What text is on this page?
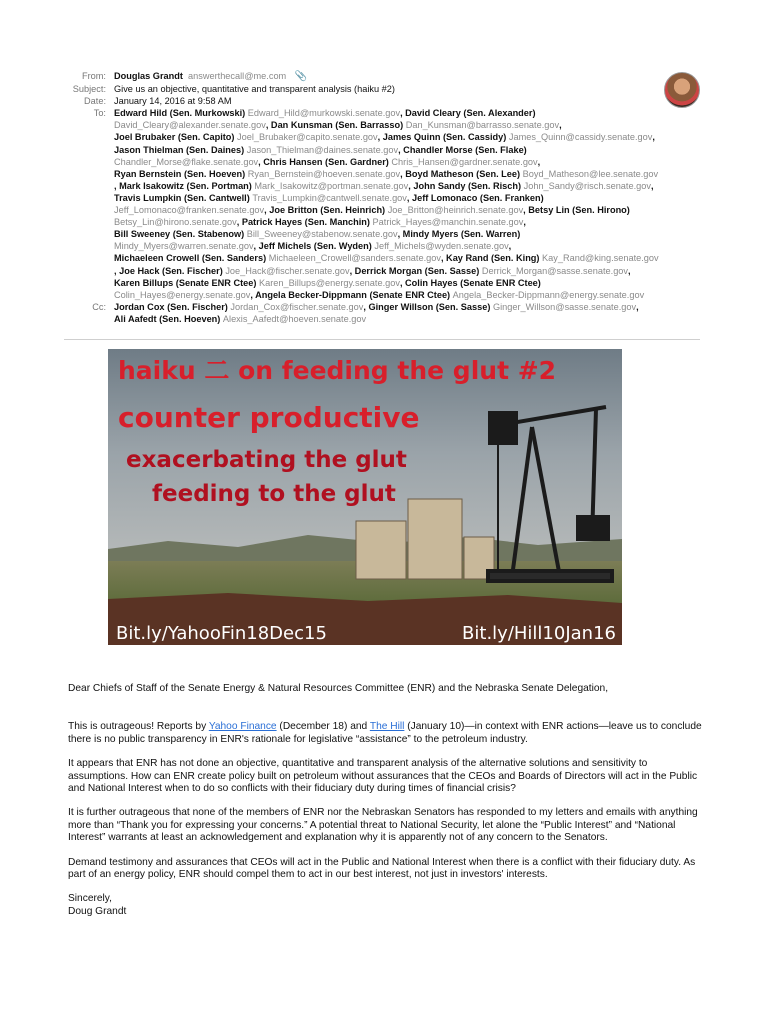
From: Douglas Grandt answerthecall@me.com 📎
Subject: Give us an objective, quantitative and transparent analysis (haiku #2)
Date: January 14, 2016 at 9:58 AM
To: Edward Hild (Sen. Murkowski) Edward_Hild@murkowski.senate.gov, David Cleary (Sen. Alexander)
David_Cleary@alexander.senate.gov, Dan Kunsman (Sen. Barrasso) Dan_Kunsman@barrasso.senate.gov,
Joel Brubaker (Sen. Capito) Joel_Brubaker@capito.senate.gov, James Quinn (Sen. Cassidy) James_Quinn@cassidy.senate.gov,
Jason Thielman (Sen. Daines) Jason_Thielman@daines.senate.gov, Chandler Morse (Sen. Flake)
Chandler_Morse@flake.senate.gov, Chris Hansen (Sen. Gardner) Chris_Hansen@gardner.senate.gov,
Ryan Bernstein (Sen. Hoeven) Ryan_Bernstein@hoeven.senate.gov, Boyd Matheson (Sen. Lee) Boyd_Matheson@lee.senate.gov
, Mark Isakowitz (Sen. Portman) Mark_Isakowitz@portman.senate.gov, John Sandy (Sen. Risch) John_Sandy@risch.senate.gov,
Travis Lumpkin (Sen. Cantwell) Travis_Lumpkin@cantwell.senate.gov, Jeff Lomonaco (Sen. Franken)
Jeff_Lomonaco@franken.senate.gov, Joe Britton (Sen. Heinrich) Joe_Britton@heinrich.senate.gov, Betsy Lin (Sen. Hirono)
Betsy_Lin@hirono.senate.gov, Patrick Hayes (Sen. Manchin) Patrick_Hayes@manchin.senate.gov,
Bill Sweeney (Sen. Stabenow) Bill_Sweeney@stabenow.senate.gov, Mindy Myers (Sen. Warren)
Mindy_Myers@warren.senate.gov, Jeff Michels (Sen. Wyden) Jeff_Michels@wyden.senate.gov,
Michaeleen Crowell (Sen. Sanders) Michaeleen_Crowell@sanders.senate.gov, Kay Rand (Sen. King) Kay_Rand@king.senate.gov
, Joe Hack (Sen. Fischer) Joe_Hack@fischer.senate.gov, Derrick Morgan (Sen. Sasse) Derrick_Morgan@sasse.senate.gov,
Karen Billups (Senate ENR Ctee) Karen_Billups@energy.senate.gov, Colin Hayes (Senate ENR Ctee)
Colin_Hayes@energy.senate.gov, Angela Becker-Dippmann (Senate ENR Ctee) Angela_Becker-Dippmann@energy.senate.gov
Cc: Jordan Cox (Sen. Fischer) Jordan_Cox@fischer.senate.gov, Ginger Willson (Sen. Sasse) Ginger_Willson@sasse.senate.gov,
Ali Aafedt (Sen. Hoeven) Alexis_Aafedt@hoeven.senate.gov
haiku 二 on feeding the glut #2
counter productive
exacerbating the glut
feeding to the glut
Bit.ly/YahooFin18Dec15	Bit.ly/Hill10Jan16

Dear Chiefs of Staff of the Senate Energy & Natural Resources Committee (ENR) and the Nebraska Senate Delegation,

This is outrageous! Reports by Yahoo Finance (December 18) and The Hill (January 10)—in context with ENR actions—leave us to conclude there is no public transparency in ENR's rationale for legislative “assistance” to the petroleum industry.

It appears that ENR has not done an objective, quantitative and transparent analysis of the alternative solutions and sensitivity to assumptions. How can ENR create policy built on petroleum without assurances that the CEOs and Boards of Directors will act in the Public and National Interest when to do so conflicts with their fiduciary duty during times of financial crisis?

It is further outrageous that none of the members of ENR nor the Nebraskan Senators has responded to my letters and emails with anything more than “Thank you for expressing your concerns.” A potential threat to National Security, let alone the “Public Interest” and “National Interest” warrants at least an acknowledgement and explanation why it is apparently not of any concern to the Senators.

Demand testimony and assurances that CEOs will act in the Public and National Interest when there is a conflict with their fiduciary duty. As part of an energy policy, ENR should compel them to act in our best interest, not just in investors' interests.

Sincerely,
Doug Grandt
